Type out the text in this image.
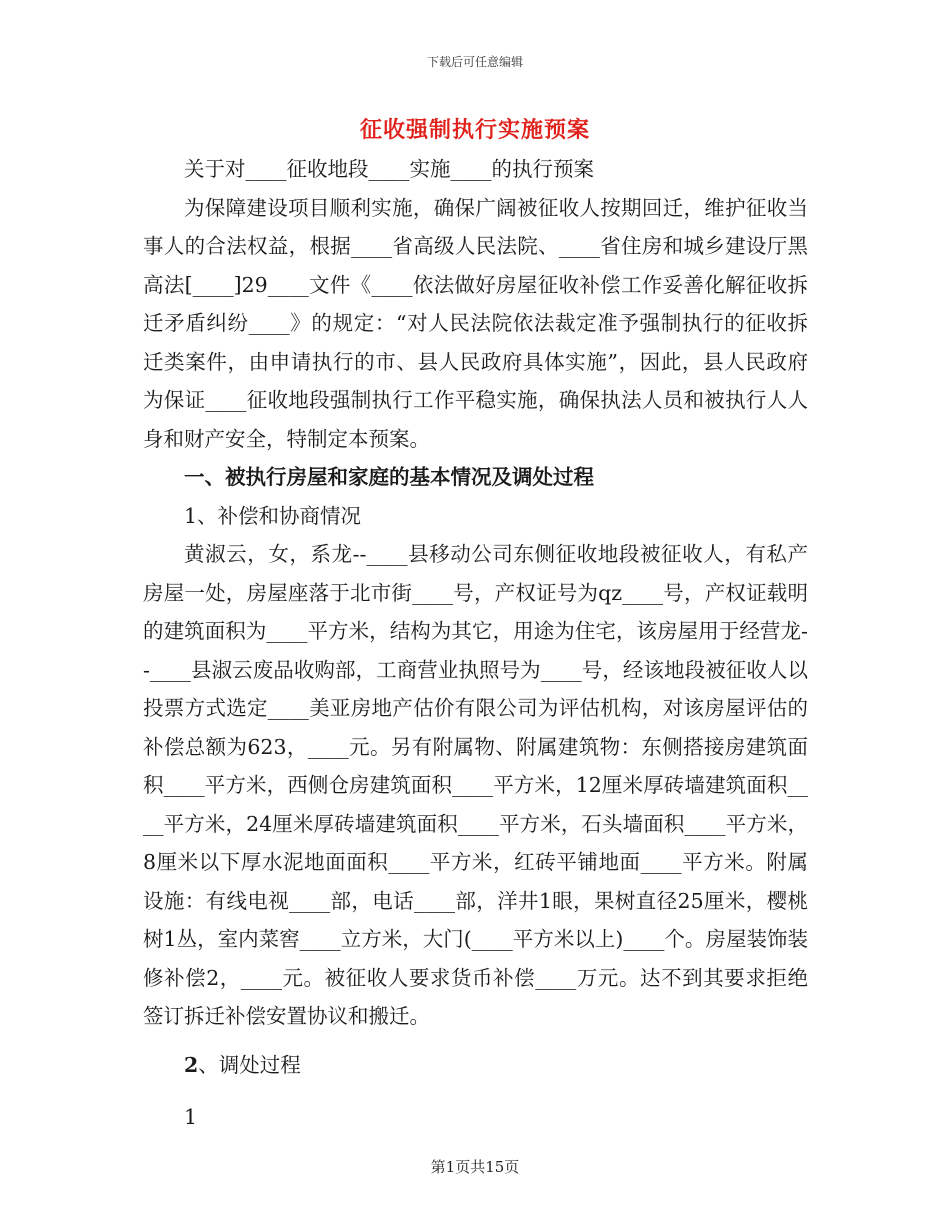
下载后可任意编辑
征收强制执行实施预案

关于对____征收地段____实施____的执行预案

为保障建设项目顺利实施，确保广阔被征收人按期回迁，维护征收当事人的合法权益，根据____省高级人民法院、____省住房和城乡建设厅黑高法[____]29____文件《____依法做好房屋征收补偿工作妥善化解征收拆迁矛盾纠纷____》的规定：“对人民法院依法裁定准予强制执行的征收拆迁类案件，由申请执行的市、县人民政府具体实施”，因此，县人民政府为保证____征收地段强制执行工作平稳实施，确保执法人员和被执行人人身和财产安全，特制定本预案。

一、被执行房屋和家庭的基本情况及调处过程

1、补偿和协商情况

黄淑云，女，系龙--____县移动公司东侧征收地段被征收人，有私产房屋一处，房屋座落于北市街____号，产权证号为qz____号，产权证载明的建筑面积为____平方米，结构为其它，用途为住宅，该房屋用于经营龙--____县淑云废品收购部，工商营业执照号为____号，经该地段被征收人以投票方式选定____美亚房地产估价有限公司为评估机构，对该房屋评估的补偿总额为623，____元。另有附属物、附属建筑物：东侧搭接房建筑面积____平方米，西侧仓房建筑面积____平方米，12厘米厚砖墙建筑面积____平方米，24厘米厚砖墙建筑面积____平方米，石头墙面积____平方米，8厘米以下厚水泥地面面积____平方米，红砖平铺地面____平方米。附属设施：有线电视____部，电话____部，洋井1眼，果树直径25厘米，樱桃树1丛，室内菜窖____立方米，大门(____平方米以上)____个。房屋装饰装修补偿2，____元。被征收人要求货币补偿____万元。达不到其要求拒绝签订拆迁补偿安置协议和搬迁。

2、调处过程

1

第1页共15页
